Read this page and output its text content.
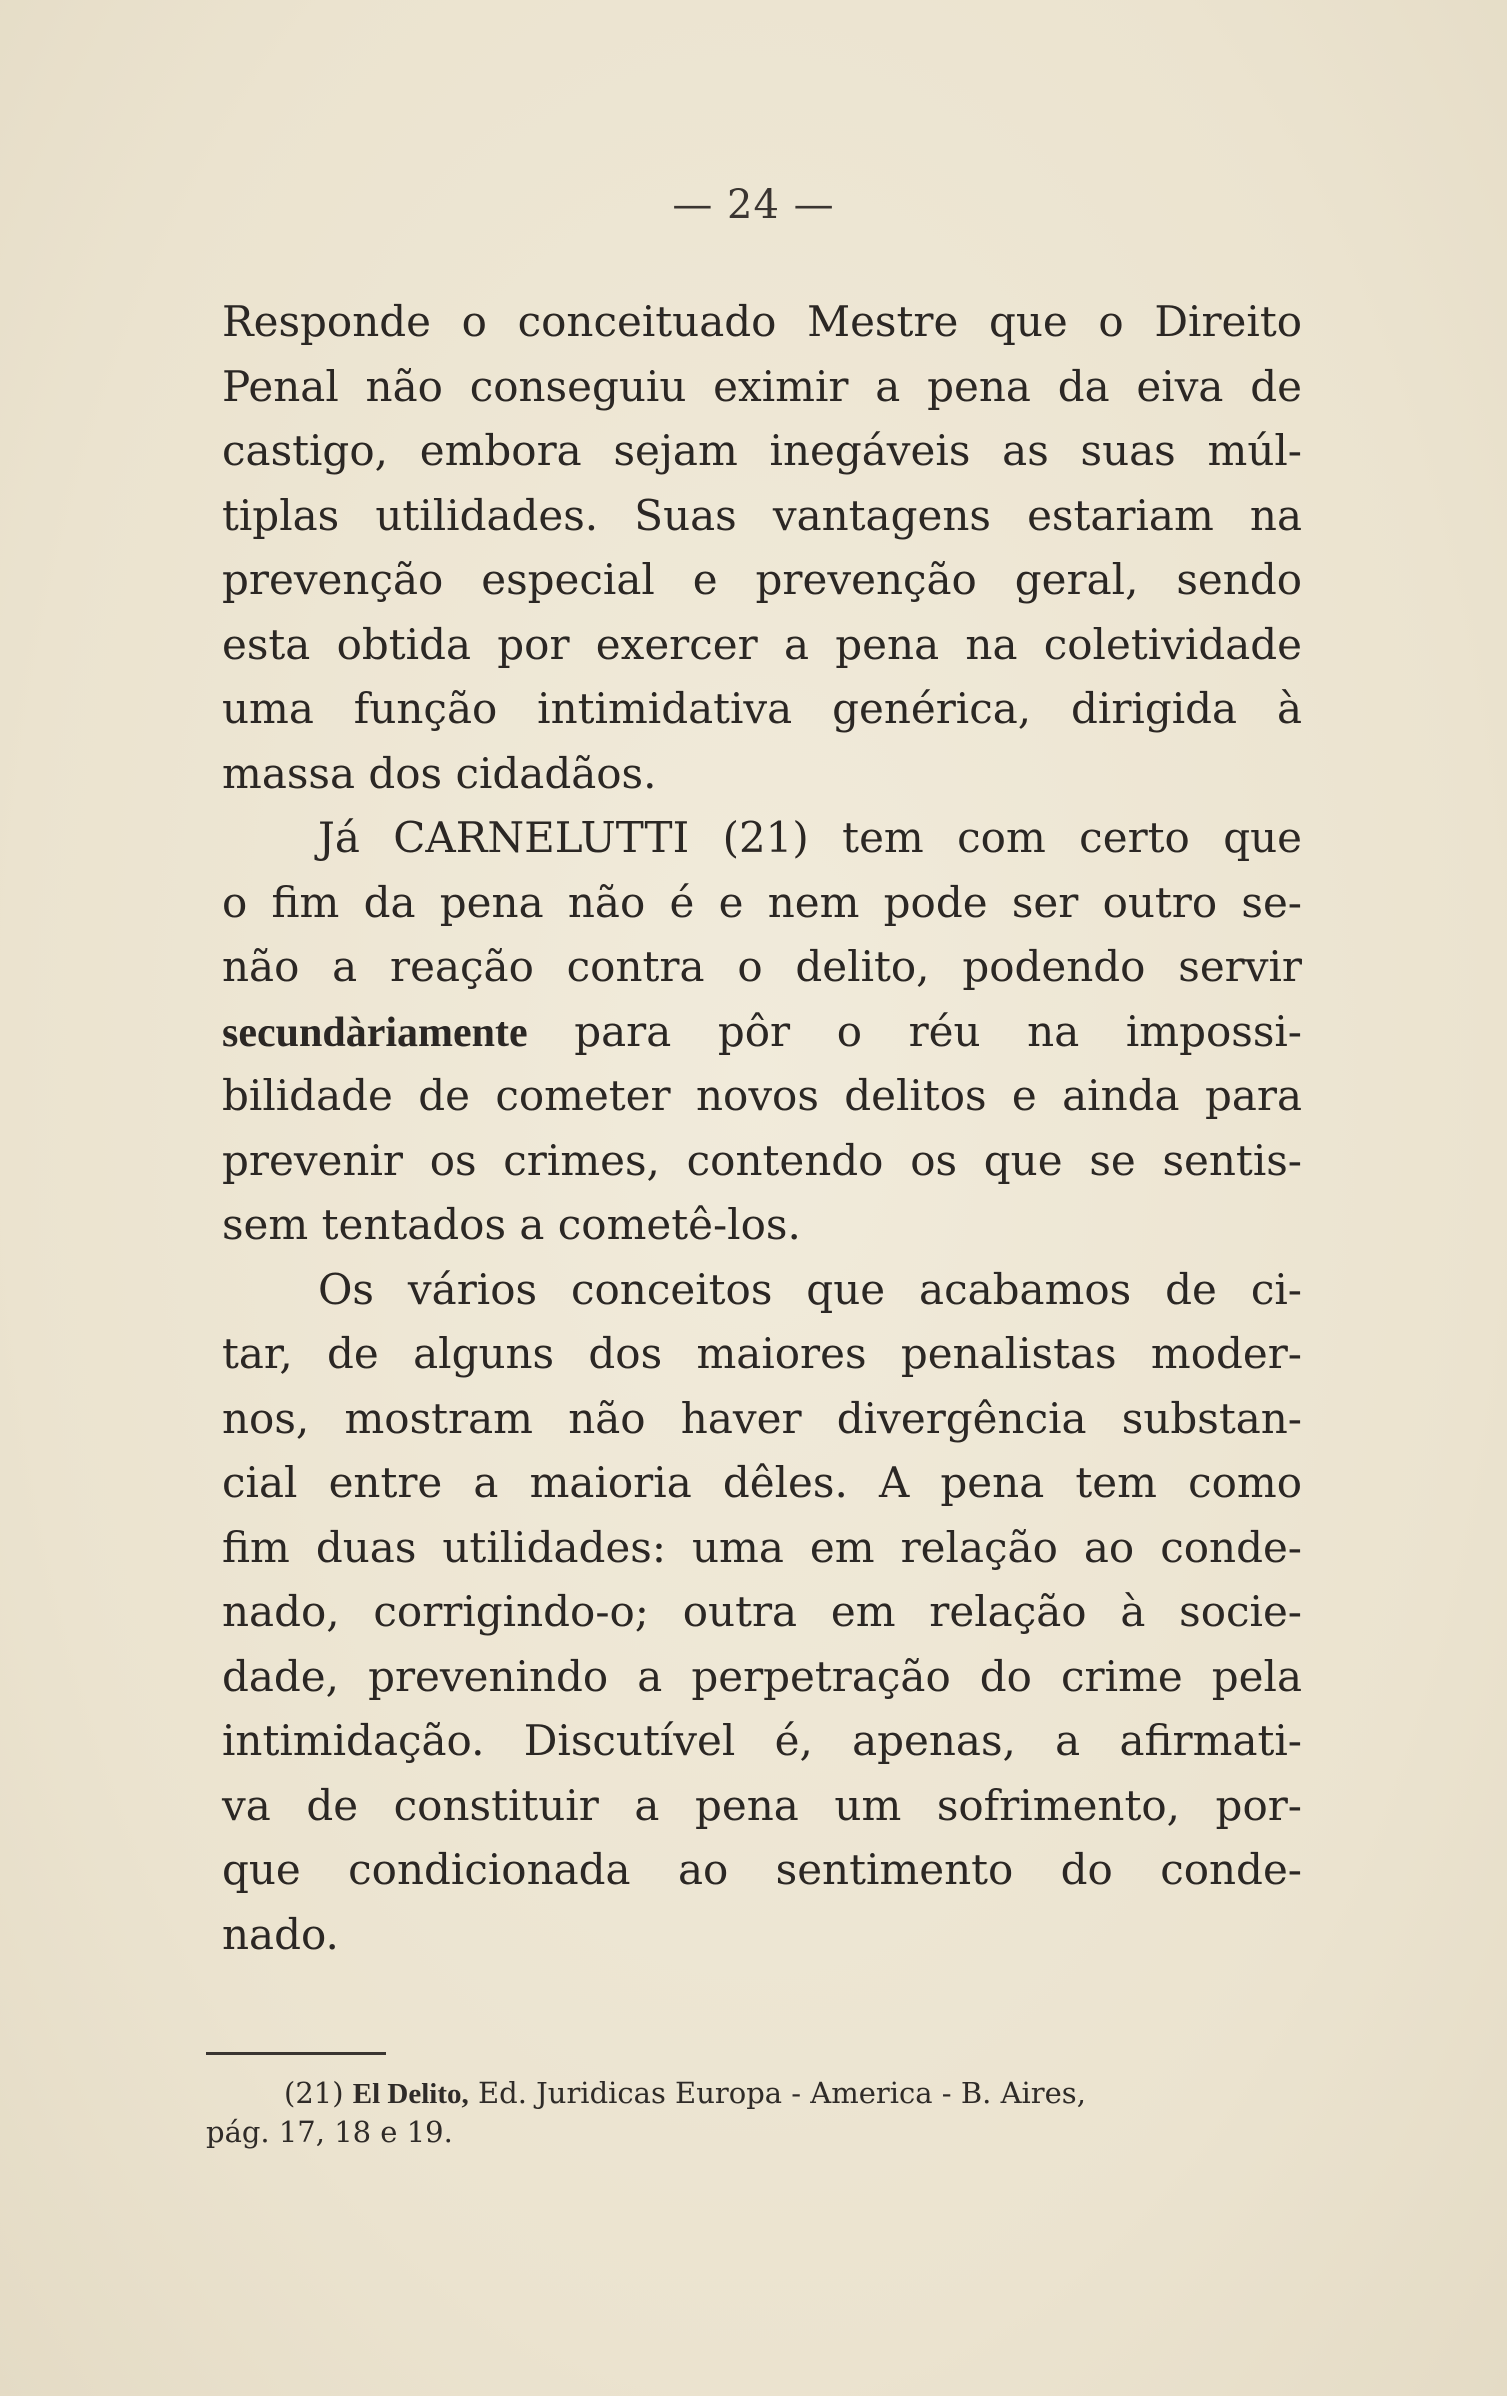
— 24 —
Responde o conceituado Mestre que o Direito
Penal não conseguiu eximir a pena da eiva de
castigo, embora sejam inegáveis as suas múl-
tiplas utilidades. Suas vantagens estariam na
prevenção especial e prevenção geral, sendo
esta obtida por exercer a pena na coletividade
uma função intimidativa genérica, dirigida à
massa dos cidadãos.
Já CARNELUTTI (21) tem com certo que
o fim da pena não é e nem pode ser outro se-
não a reação contra o delito, podendo servir
secundàriamente para pôr o réu na impossi-
bilidade de cometer novos delitos e ainda para
prevenir os crimes, contendo os que se sentis-
sem tentados a cometê-los.
Os vários conceitos que acabamos de ci-
tar, de alguns dos maiores penalistas moder-
nos, mostram não haver divergência substan-
cial entre a maioria dêles. A pena tem como
fim duas utilidades: uma em relação ao conde-
nado, corrigindo-o; outra em relação à socie-
dade, prevenindo a perpetração do crime pela
intimidação. Discutível é, apenas, a afirmati-
va de constituir a pena um sofrimento, por-
que condicionada ao sentimento do conde-
nado.
(21) El Delito, Ed. Juridicas Europa - America - B. Aires,
pág. 17, 18 e 19.
